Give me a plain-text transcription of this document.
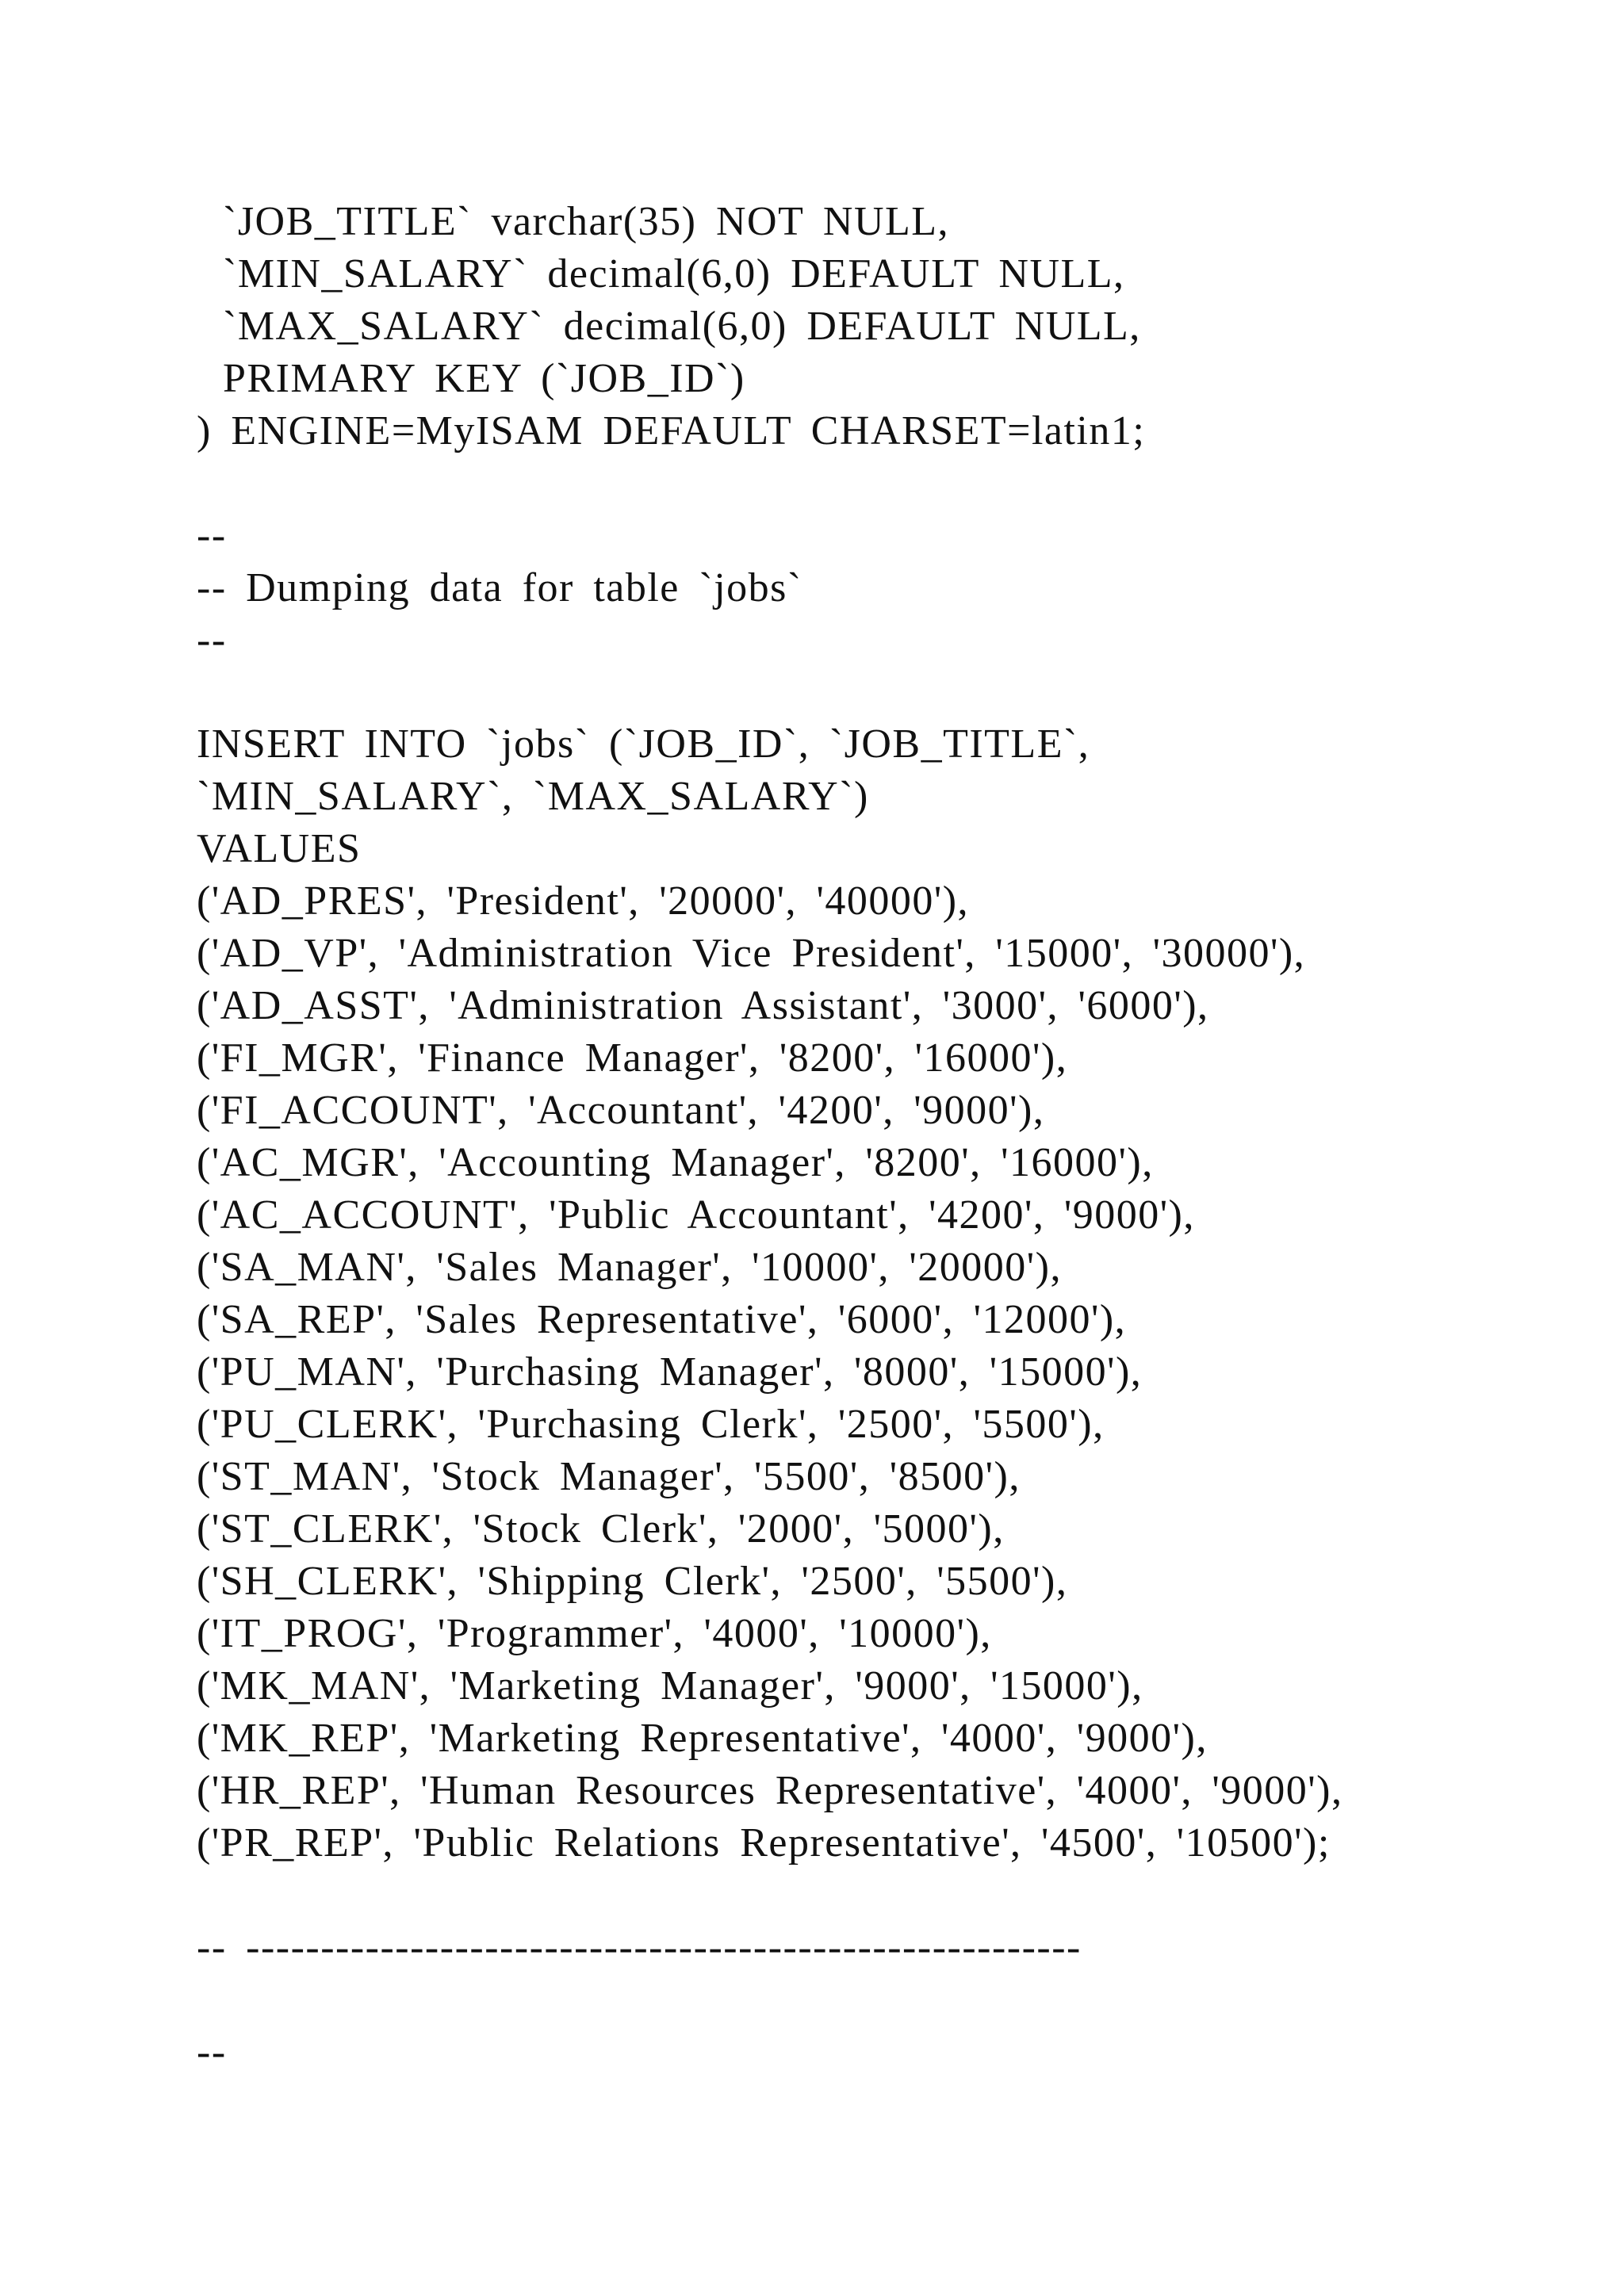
`JOB_TITLE` varchar(35) NOT NULL,

`MIN_SALARY` decimal(6,0) DEFAULT NULL,

`MAX_SALARY` decimal(6,0) DEFAULT NULL,

PRIMARY KEY (`JOB_ID`)

) ENGINE=MyISAM DEFAULT CHARSET=latin1;

--

-- Dumping data for table `jobs`

--

INSERT INTO `jobs` (`JOB_ID`, `JOB_TITLE`,

`MIN_SALARY`, `MAX_SALARY`)

VALUES

('AD_PRES', 'President', '20000', '40000'),

('AD_VP', 'Administration Vice President', '15000', '30000'),

('AD_ASST', 'Administration Assistant', '3000', '6000'),

('FI_MGR', 'Finance Manager', '8200', '16000'),

('FI_ACCOUNT', 'Accountant', '4200', '9000'),

('AC_MGR', 'Accounting Manager', '8200', '16000'),

('AC_ACCOUNT', 'Public Accountant', '4200', '9000'),

('SA_MAN', 'Sales Manager', '10000', '20000'),

('SA_REP', 'Sales Representative', '6000', '12000'),

('PU_MAN', 'Purchasing Manager', '8000', '15000'),

('PU_CLERK', 'Purchasing Clerk', '2500', '5500'),

('ST_MAN', 'Stock Manager', '5500', '8500'),

('ST_CLERK', 'Stock Clerk', '2000', '5000'),

('SH_CLERK', 'Shipping Clerk', '2500', '5500'),

('IT_PROG', 'Programmer', '4000', '10000'),

('MK_MAN', 'Marketing Manager', '9000', '15000'),

('MK_REP', 'Marketing Representative', '4000', '9000'),

('HR_REP', 'Human Resources Representative', '4000', '9000'),

('PR_REP', 'Public Relations Representative', '4500', '10500');

-- --------------------------------------------------------

--
